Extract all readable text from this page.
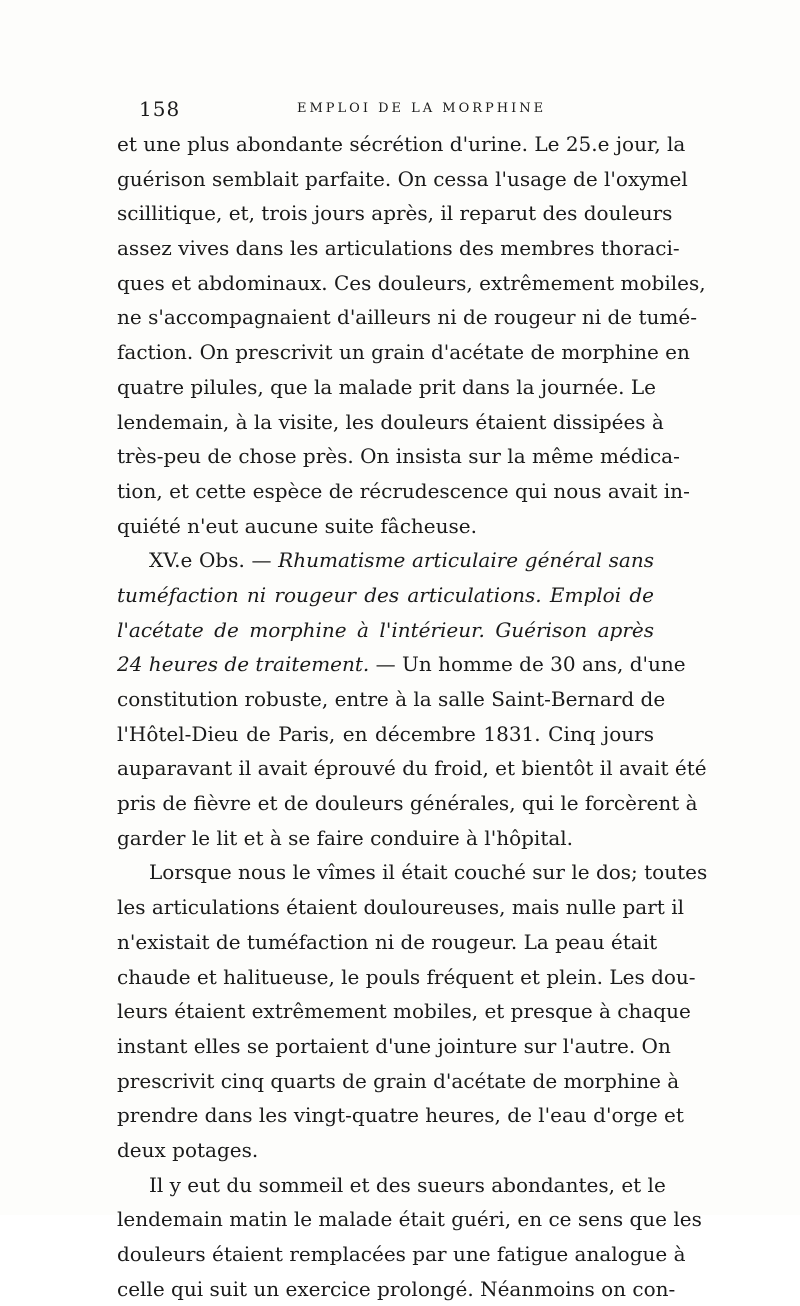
158	EMPLOI DE LA MORPHINE
et une plus abondante sécrétion d'urine. Le 25.e jour, la
guérison semblait parfaite. On cessa l'usage de l'oxymel
scillitique, et, trois jours après, il reparut des douleurs
assez vives dans les articulations des membres thoraci-
ques et abdominaux. Ces douleurs, extrêmement mobiles,
ne s'accompagnaient d'ailleurs ni de rougeur ni de tumé-
faction. On prescrivit un grain d'acétate de morphine en
quatre pilules, que la malade prit dans la journée. Le
lendemain, à la visite, les douleurs étaient dissipées à
très-peu de chose près. On insista sur la même médica-
tion, et cette espèce de récrudescence qui nous avait in-
quiété n'eut aucune suite fâcheuse.
XV.e Obs. — Rhumatisme articulaire général sans
tuméfaction ni rougeur des articulations. Emploi de
l'acétate de morphine à l'intérieur. Guérison après
24 heures de traitement. — Un homme de 30 ans, d'une
constitution robuste, entre à la salle Saint-Bernard de
l'Hôtel-Dieu de Paris, en décembre 1831. Cinq jours
auparavant il avait éprouvé du froid, et bientôt il avait été
pris de fièvre et de douleurs générales, qui le forcèrent à
garder le lit et à se faire conduire à l'hôpital.
Lorsque nous le vîmes il était couché sur le dos; toutes
les articulations étaient douloureuses, mais nulle part il
n'existait de tuméfaction ni de rougeur. La peau était
chaude et halitueuse, le pouls fréquent et plein. Les dou-
leurs étaient extrêmement mobiles, et presque à chaque
instant elles se portaient d'une jointure sur l'autre. On
prescrivit cinq quarts de grain d'acétate de morphine à
prendre dans les vingt-quatre heures, de l'eau d'orge et
deux potages.
Il y eut du sommeil et des sueurs abondantes, et le
lendemain matin le malade était guéri, en ce sens que les
douleurs étaient remplacées par une fatigue analogue à
celle qui suit un exercice prolongé. Néanmoins on con-
